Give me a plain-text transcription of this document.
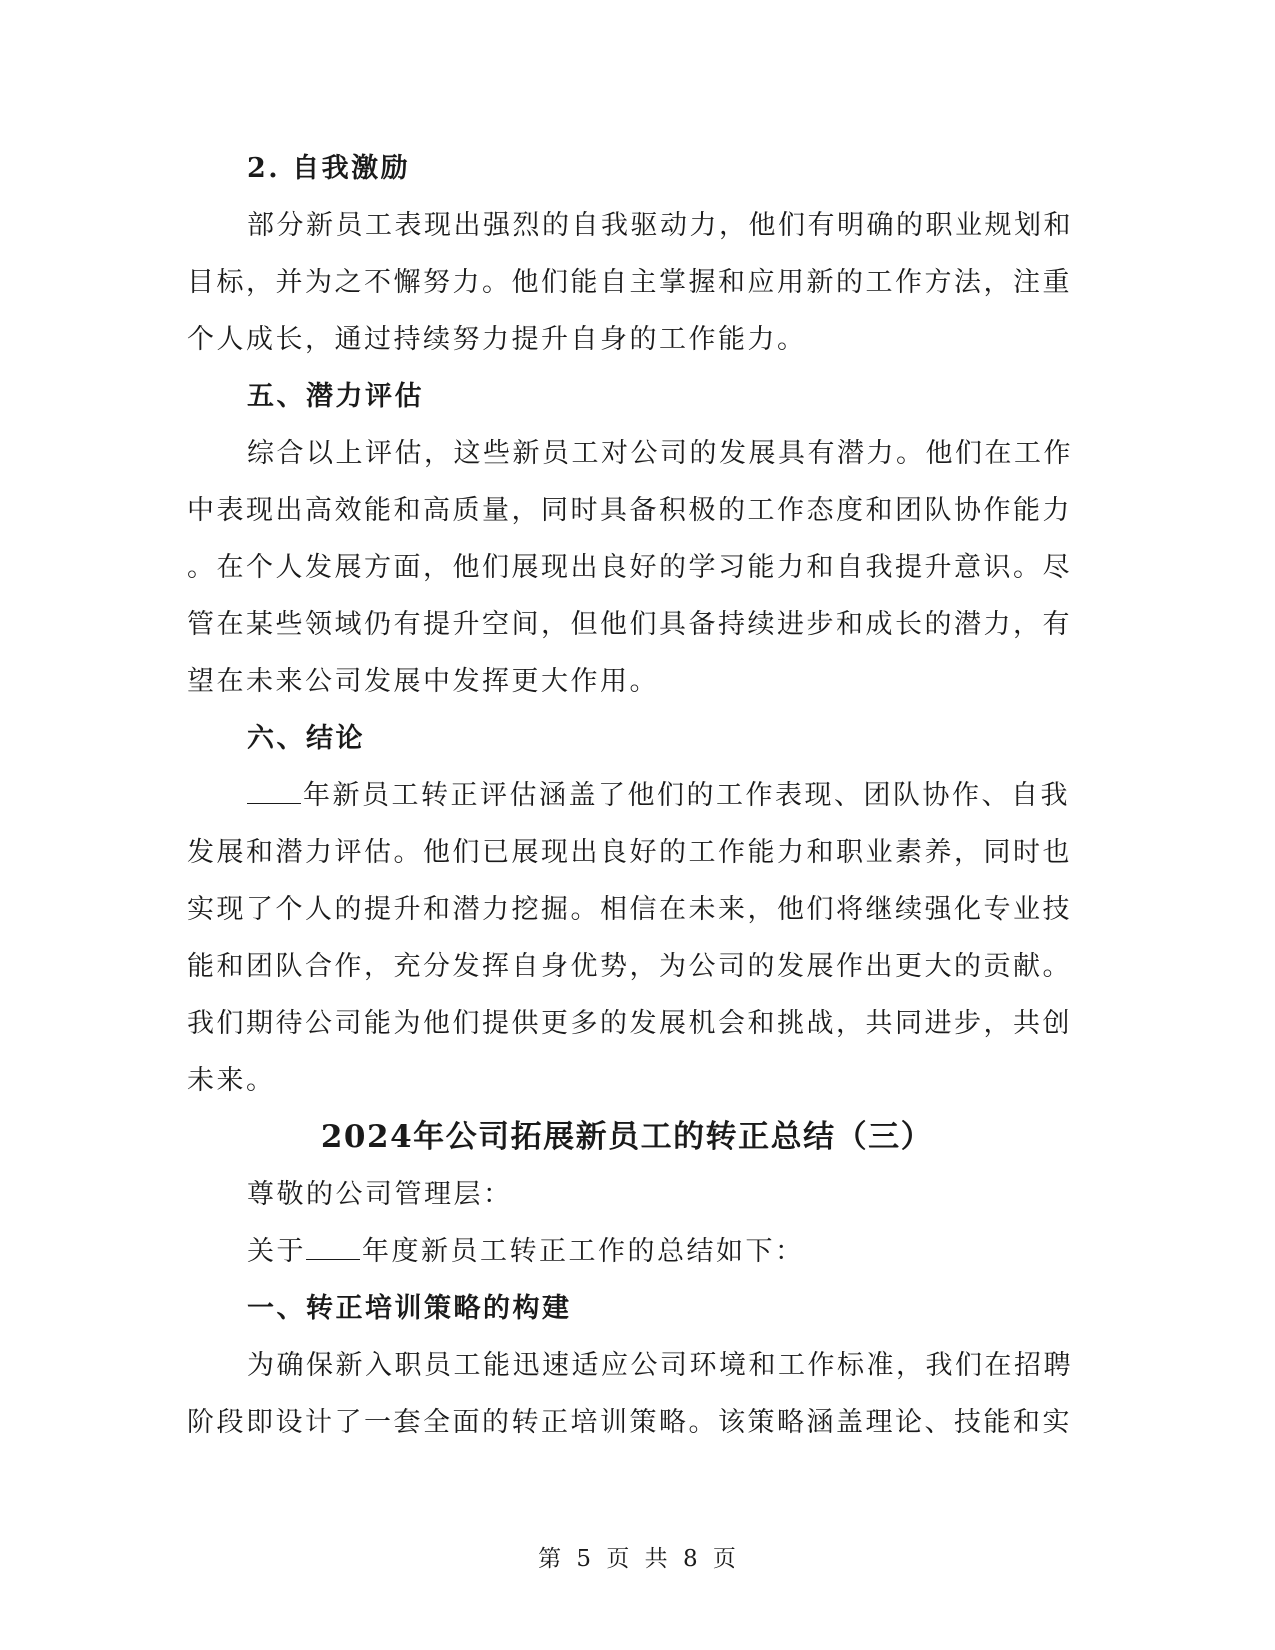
2. 自我激励
部分新员工表现出强烈的自我驱动力，他们有明确的职业规划和
目标，并为之不懈努力。他们能自主掌握和应用新的工作方法，注重
个人成长，通过持续努力提升自身的工作能力。
五、潜力评估
综合以上评估，这些新员工对公司的发展具有潜力。他们在工作
中表现出高效能和高质量，同时具备积极的工作态度和团队协作能力
。在个人发展方面，他们展现出良好的学习能力和自我提升意识。尽
管在某些领域仍有提升空间，但他们具备持续进步和成长的潜力，有
望在未来公司发展中发挥更大作用。
六、结论
年新员工转正评估涵盖了他们的工作表现、团队协作、自我
发展和潜力评估。他们已展现出良好的工作能力和职业素养，同时也
实现了个人的提升和潜力挖掘。相信在未来，他们将继续强化专业技
能和团队合作，充分发挥自身优势，为公司的发展作出更大的贡献。
我们期待公司能为他们提供更多的发展机会和挑战，共同进步，共创
未来。
2024年公司拓展新员工的转正总结（三）
尊敬的公司管理层：
关于 年度新员工转正工作的总结如下：
一、转正培训策略的构建
为确保新入职员工能迅速适应公司环境和工作标准，我们在招聘
阶段即设计了一套全面的转正培训策略。该策略涵盖理论、技能和实
第 5 页 共 8 页
